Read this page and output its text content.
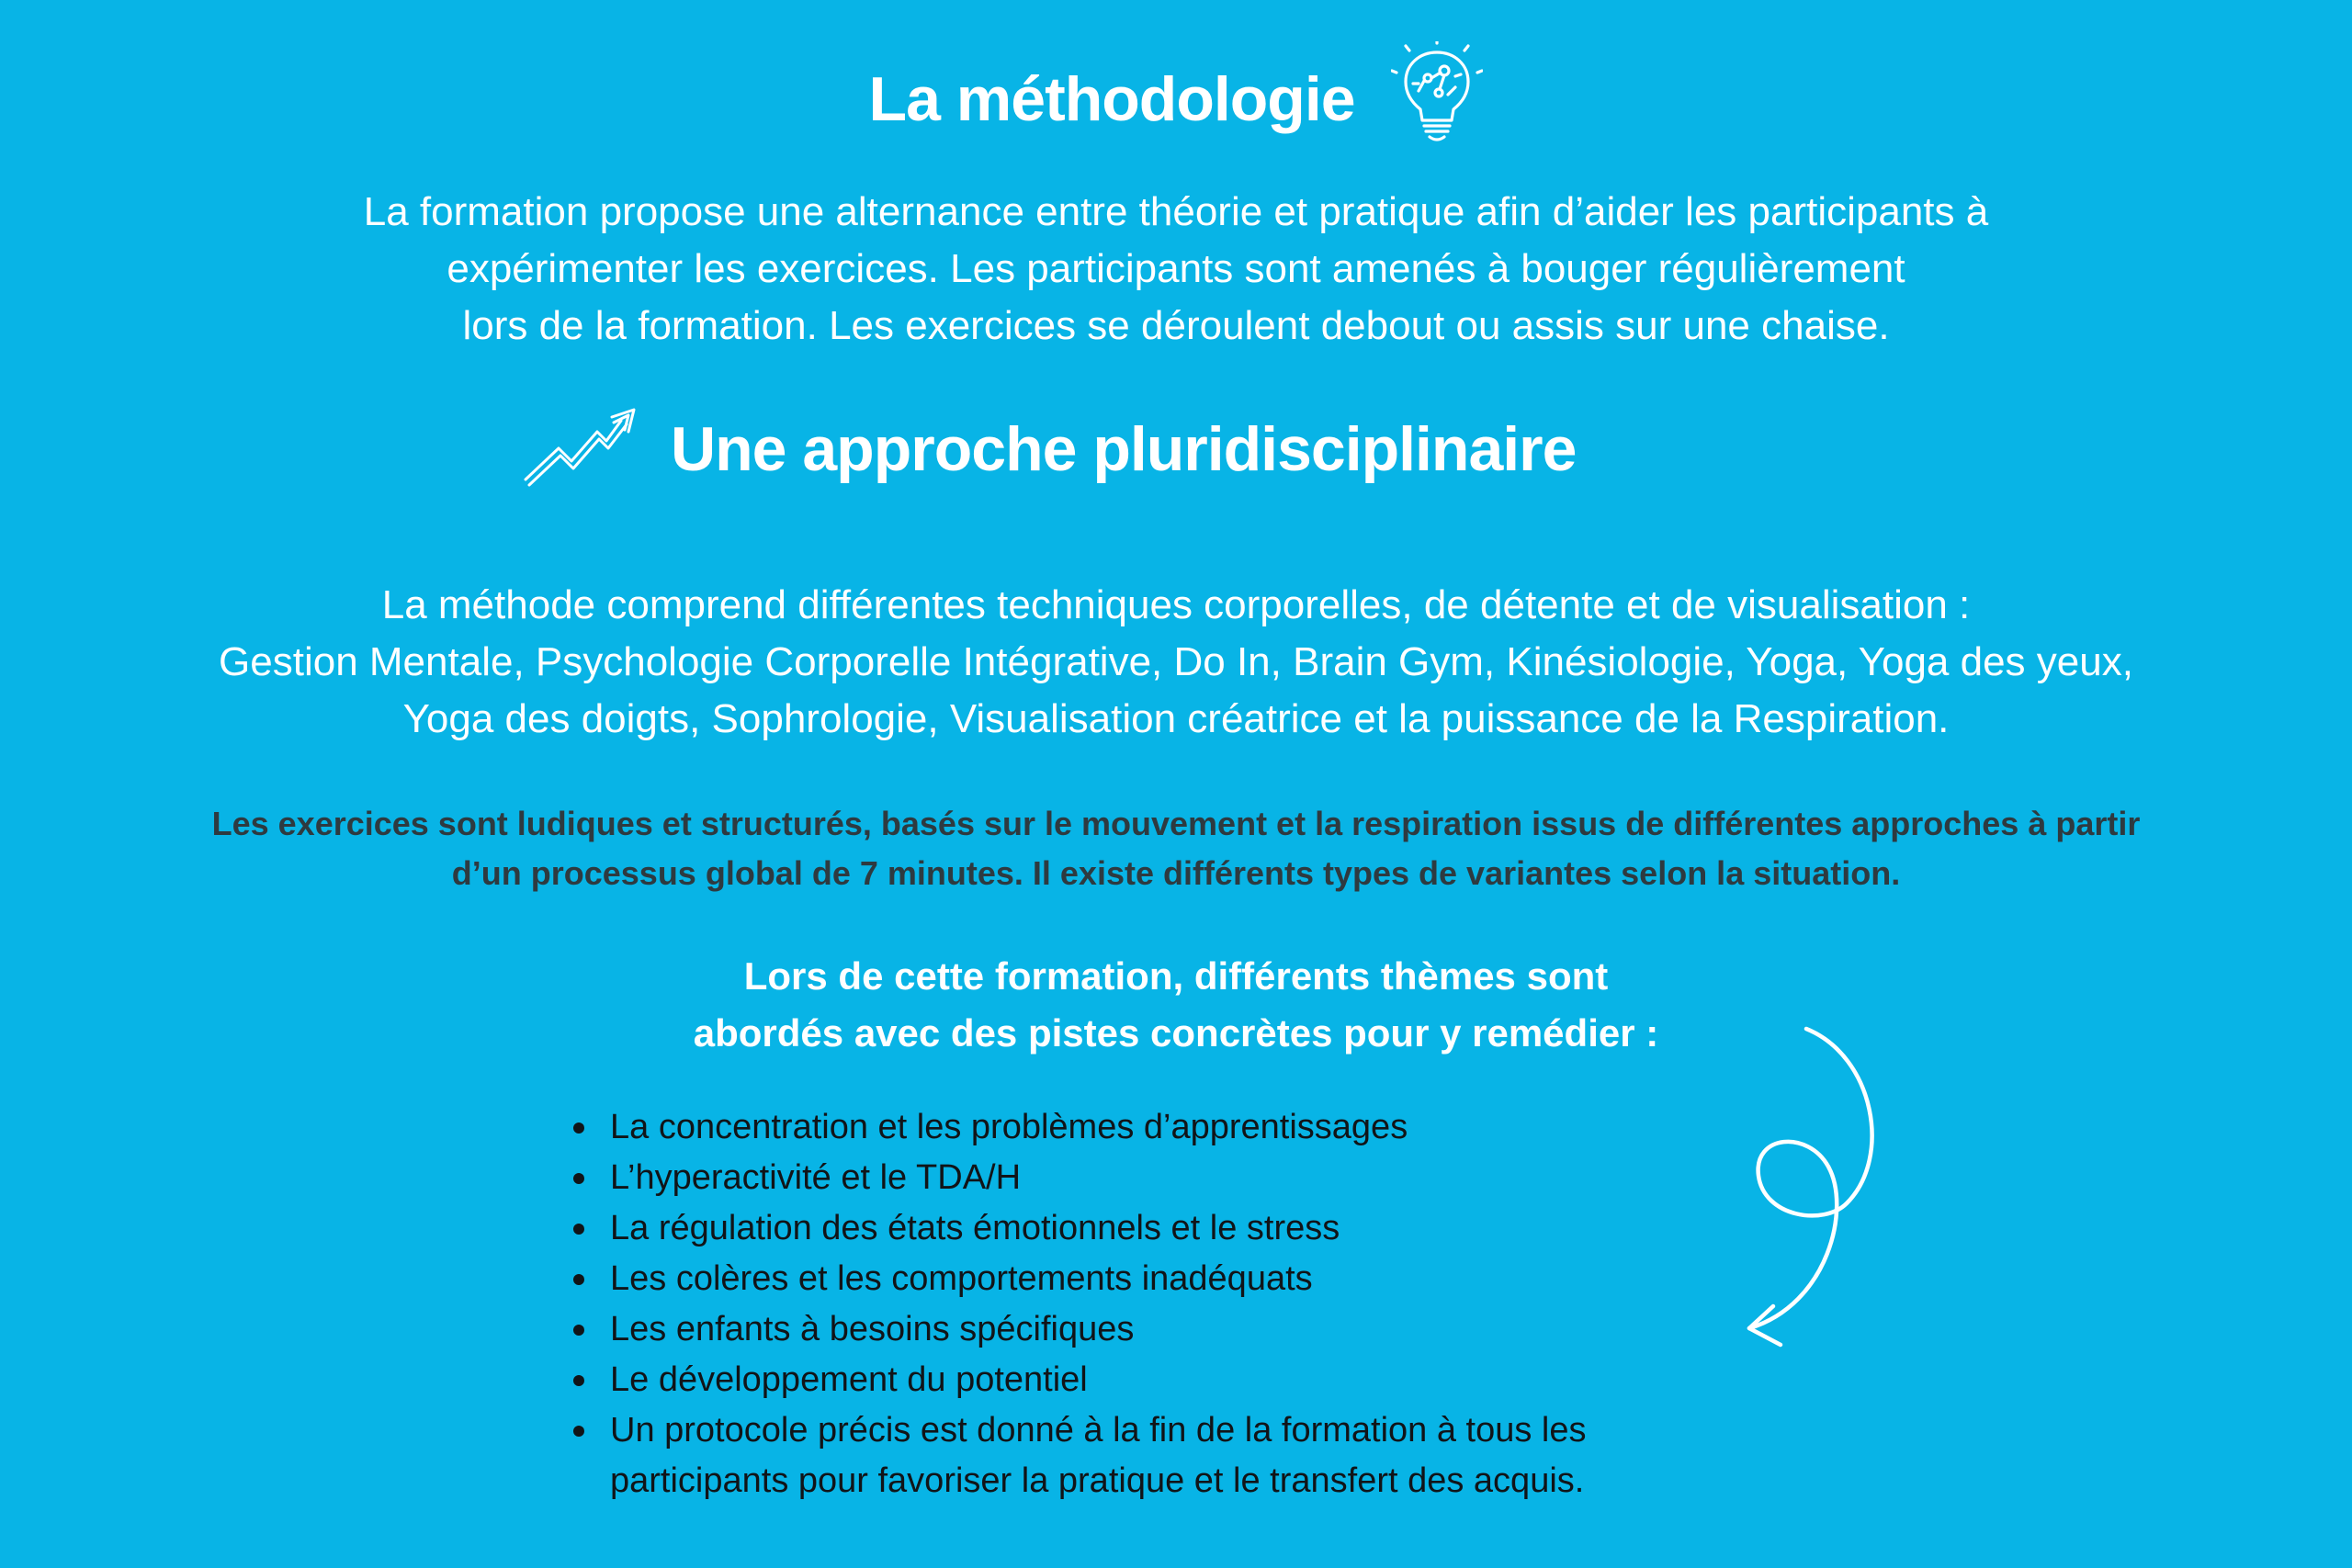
La méthodologie
La formation propose une alternance entre théorie et pratique afin d’aider les participants à
expérimenter les exercices. Les participants sont amenés à bouger régulièrement
lors de la formation. Les exercices se déroulent debout ou assis sur une chaise.
Une approche pluridisciplinaire
La méthode comprend différentes techniques corporelles, de détente et de visualisation :
Gestion Mentale, Psychologie Corporelle Intégrative, Do In, Brain Gym, Kinésiologie, Yoga, Yoga des yeux,
Yoga des doigts, Sophrologie, Visualisation créatrice et la puissance de la Respiration.
Les exercices sont ludiques et structurés, basés sur le mouvement et la respiration issus de différentes approches à partir
d’un processus global de 7 minutes. Il existe différents types de variantes selon la situation.
Lors de cette formation, différents thèmes sont
abordés avec des pistes concrètes pour y remédier :
La concentration et les problèmes d’apprentissages
L’hyperactivité et le TDA/H
La régulation des états émotionnels et le stress
Les colères et les comportements inadéquats
Les enfants à besoins spécifiques
Le développement du potentiel
Un protocole précis est donné à la fin de la formation à tous les
participants pour favoriser la pratique et le transfert des acquis.
